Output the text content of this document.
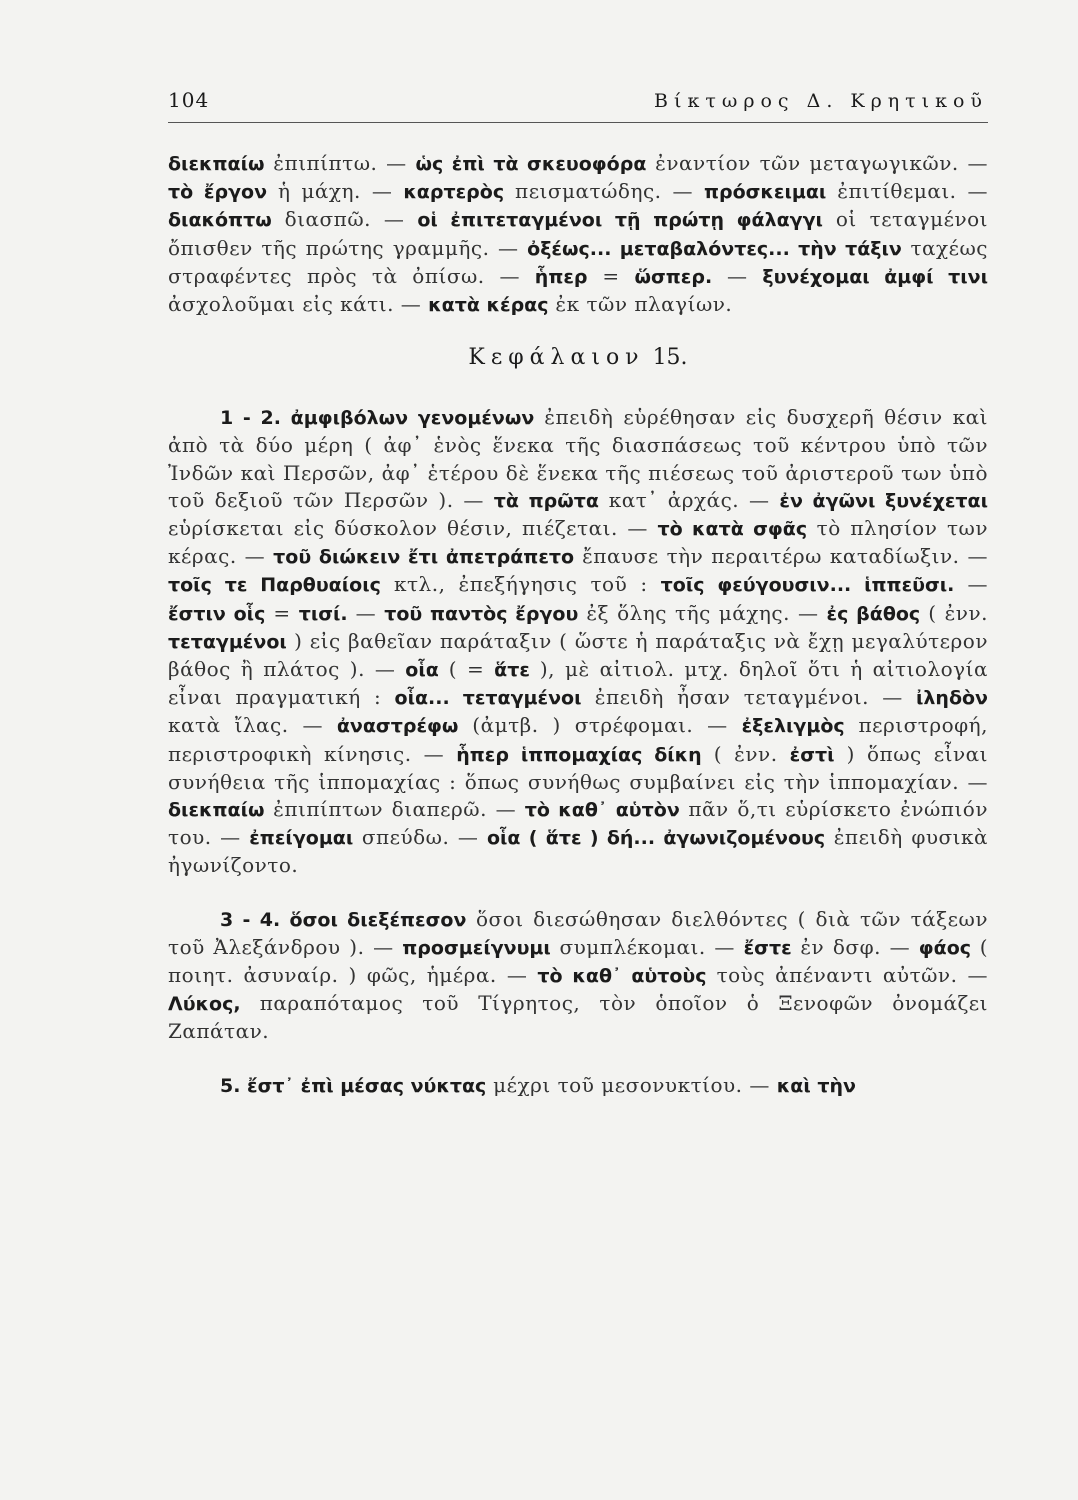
104	Βίκτωρος Δ. Κρητικοῦ

διεκπαίω ἐπιπίπτω. — ὡς ἐπὶ τὰ σκευοφόρα ἐναντίον τῶν μεταγωγικῶν. — τὸ ἔργον ἡ μάχη. — καρτερὸς πεισματώδης. — πρόσκειμαι ἐπιτίθεμαι. — διακόπτω διασπῶ. — οἱ ἐπιτεταγμένοι τῇ πρώτῃ φάλαγγι οἱ τεταγμένοι ὄπισθεν τῆς πρώτης γραμμῆς. — ὀξέως... μεταβαλόντες... τὴν τάξιν ταχέως στραφέντες πρὸς τὰ ὀπίσω. — ἧπερ = ὥσπερ. — ξυνέχομαι ἀμφί τινι ἀσχολοῦμαι εἰς κάτι. — κατὰ κέρας ἐκ τῶν πλαγίων.

Κεφάλαιον 15.

1 - 2. ἀμφιβόλων γενομένων ἐπειδὴ εὑρέθησαν εἰς δυσχερῆ θέσιν καὶ ἀπὸ τὰ δύο μέρη ( ἀφ᾽ ἑνὸς ἕνεκα τῆς διασπάσεως τοῦ κέντρου ὑπὸ τῶν Ἰνδῶν καὶ Περσῶν, ἀφ᾽ ἑτέρου δὲ ἕνεκα τῆς πιέσεως τοῦ ἀριστεροῦ των ὑπὸ τοῦ δεξιοῦ τῶν Περσῶν ). — τὰ πρῶτα κατ᾽ ἀρχάς. — ἐν ἀγῶνι ξυνέχεται εὑρίσκεται εἰς δύσκολον θέσιν, πιέζεται. — τὸ κατὰ σφᾶς τὸ πλησίον των κέρας. — τοῦ διώκειν ἔτι ἀπετράπετο ἔπαυσε τὴν περαιτέρω καταδίωξιν. — τοῖς τε Παρθυαίοις κτλ., ἐπεξήγησις τοῦ : τοῖς φεύγουσιν... ἱππεῦσι. — ἔστιν οἷς = τισί. — τοῦ παντὸς ἔργου ἐξ ὅλης τῆς μάχης. — ἐς βάθος ( ἐνν. τεταγμένοι ) εἰς βαθεῖαν παράταξιν ( ὥστε ἡ παράταξις νὰ ἔχῃ μεγαλύτερον βάθος ἢ πλάτος ). — οἷα ( = ἅτε ), μὲ αἰτιολ. μτχ. δηλοῖ ὅτι ἡ αἰτιολογία εἶναι πραγματική : οἷα... τεταγμένοι ἐπειδὴ ἦσαν τεταγμένοι. — ἰληδὸν κατὰ ἴλας. — ἀναστρέφω (ἀμτβ. ) στρέφομαι. — ἐξελιγμὸς περιστροφή, περιστροφικὴ κίνησις. — ἧπερ ἱππομαχίας δίκη ( ἐνν. ἐστὶ ) ὅπως εἶναι συνήθεια τῆς ἱππομαχίας : ὅπως συνήθως συμβαίνει εἰς τὴν ἱππομαχίαν. — διεκπαίω ἐπιπίπτων διαπερῶ. — τὸ καθ᾽ αὑτὸν πᾶν ὅ,τι εὑρίσκετο ἐνώπιόν του. — ἐπείγομαι σπεύδω. — οἷα ( ἅτε ) δή... ἀγωνιζομένους ἐπειδὴ φυσικὰ ἠγωνίζοντο.

3 - 4. ὅσοι διεξέπεσον ὅσοι διεσώθησαν διελθόντες ( διὰ τῶν τάξεων τοῦ Ἀλεξάνδρου ). — προσμείγνυμι συμπλέκομαι. — ἔστε ἐν δσφ. — φάος ( ποιητ. ἀσυναίρ. ) φῶς, ἡμέρα. — τὸ καθ᾽ αὑτοὺς τοὺς ἀπέναντι αὐτῶν. — Λύκος, παραπόταμος τοῦ Τίγρητος, τὸν ὁποῖον ὁ Ξενοφῶν ὀνομάζει Ζαπάταν.

5. ἔστ᾽ ἐπὶ μέσας νύκτας μέχρι τοῦ μεσονυκτίου. — καὶ τὴν
